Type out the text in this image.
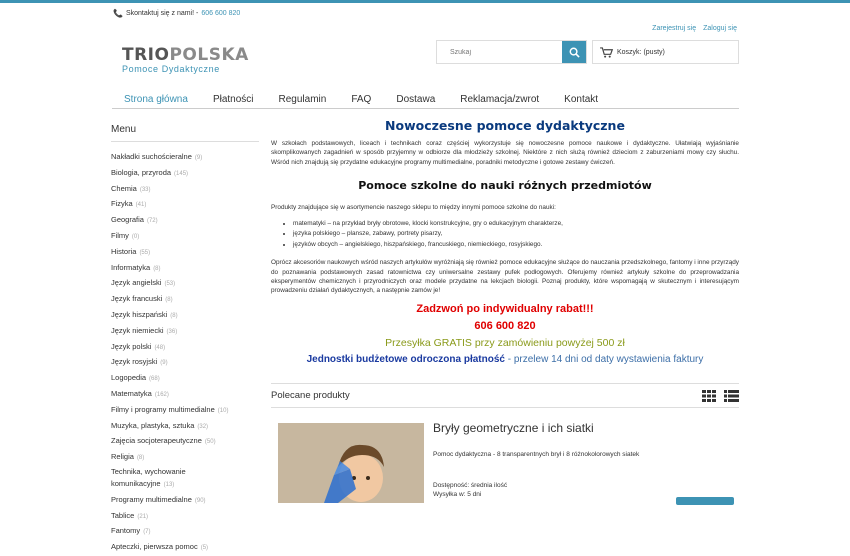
📞 Skontaktuj się z nami! - 606 600 820
Zarejestruj się Zaloguj się
TRIOPOLSKA
Pomoce Dydaktyczne
Szukaj
Koszyk: (pusty)
Strona główna	Płatności	Regulamin	FAQ	Dostawa	Reklamacja/zwrot	Kontakt
Menu
Nakładki suchościeralne (9)
Biologia, przyroda (145)
Chemia (33)
Fizyka (41)
Geografia (72)
Filmy (0)
Historia (55)
Informatyka (8)
Język angielski (53)
Język francuski (8)
Język hiszpański (8)
Język niemiecki (36)
Język polski (48)
Język rosyjski (9)
Logopedia (68)
Matematyka (162)
Filmy i programy multimedialne (10)
Muzyka, plastyka, sztuka (32)
Zajęcia socjoterapeutyczne (50)
Religia (8)
Technika, wychowanie komunikacyjne (13)
Programy multimedialne (90)
Tablice (21)
Fantomy (7)
Apteczki, pierwsza pomoc (5)
Nowoczesne pomoce dydaktyczne

W szkołach podstawowych, liceach i technikach coraz częściej wykorzystuje się nowoczesne pomoce naukowe i dydaktyczne. Ułatwiają wyjaśnianie skomplikowanych zagadnień w sposób przyjemny w odbiorze dla młodzieży szkolnej. Niektóre z nich służą również dzieciom z zaburzeniami mowy czy słuchu. Wśród nich znajdują się przydatne edukacyjne programy multimedialne, poradniki metodyczne i gotowe zestawy ćwiczeń.

Pomoce szkolne do nauki różnych przedmiotów

Produkty znajdujące się w asortymencie naszego sklepu to między innymi pomoce szkolne do nauki:

• matematyki – na przykład bryły obrotowe, klocki konstrukcyjne, gry o edukacyjnym charakterze,
• języka polskiego – plansze, zabawy, portrety pisarzy,
• języków obcych – angielskiego, hiszpańskiego, francuskiego, niemieckiego, rosyjskiego.

Oprócz akcesoriów naukowych wśród naszych artykułów wyróżniają się również pomoce edukacyjne służące do nauczania przedszkolnego, fantomy i inne przyrządy do poznawania podstawowych zasad ratownictwa czy uniwersalne zestawy pufek podłogowych. Oferujemy również artykuły szkolne do przeprowadzania eksperymentów chemicznych i przyrodniczych oraz modele przydatne na lekcjach biologii. Poznaj produkty, które wspomagają w skutecznym i interesującym prowadzeniu działań dydaktycznych, a następnie zamów je!

Zadzwoń po indywidualny rabat!!!
606 600 820
Przesyłka GRATIS przy zamówieniu powyżej 500 zł
Jednostki budżetowe odroczona płatność - przelew 14 dni od daty wystawienia faktury
Polecane produkty
Bryły geometryczne i ich siatki
Pomoc dydaktyczna - 8 transparentnych brył i 8 różnokolorowych siatek
Dostępność: średnia ilość
Wysyłka w: 5 dni
